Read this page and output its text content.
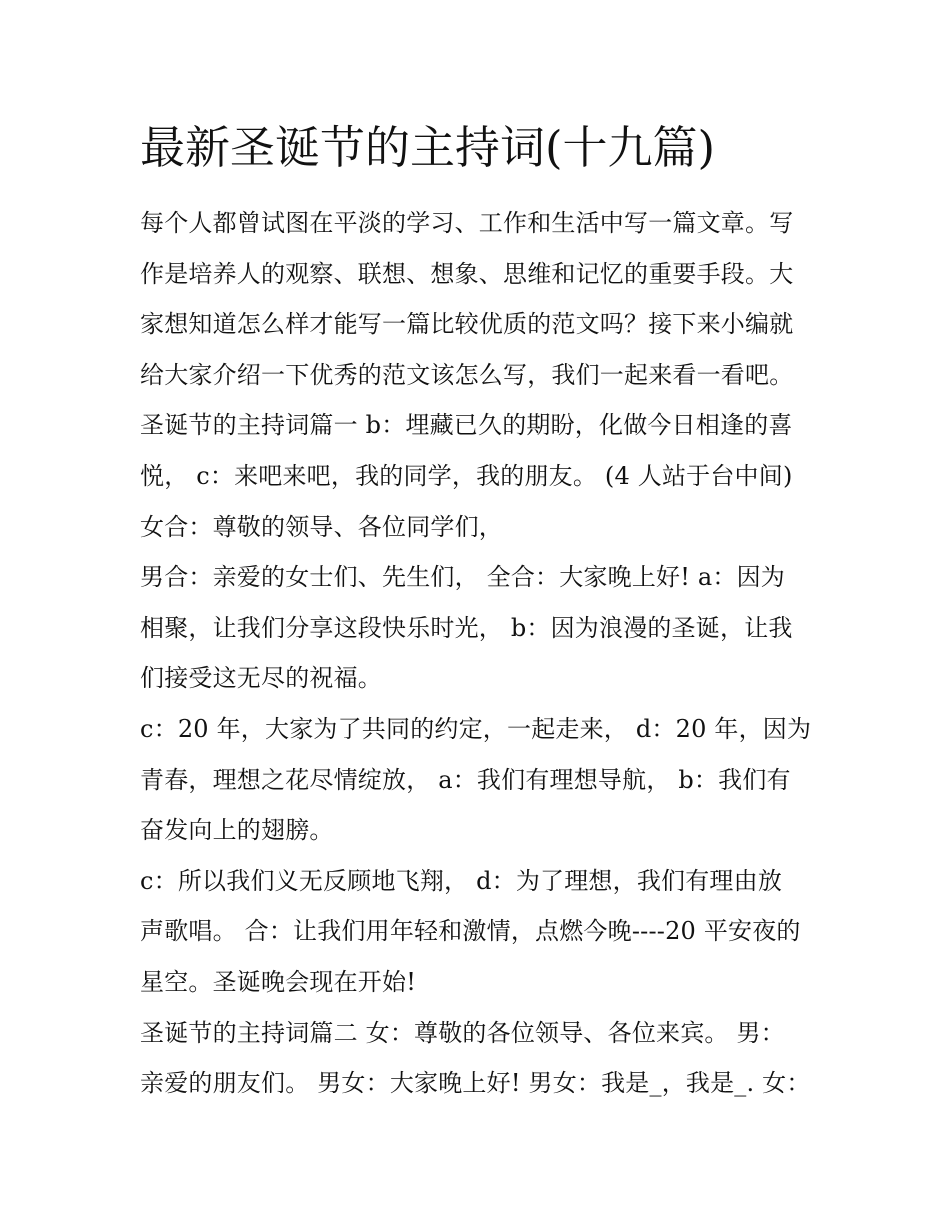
最新圣诞节的主持词(十九篇)
每个人都曾试图在平淡的学习、工作和生活中写一篇文章。写
作是培养人的观察、联想、想象、思维和记忆的重要手段。大
家想知道怎么样才能写一篇比较优质的范文吗？接下来小编就
给大家介绍一下优秀的范文该怎么写，我们一起来看一看吧。
圣诞节的主持词篇一 b：埋藏已久的期盼，化做今日相逢的喜
悦， c：来吧来吧，我的同学，我的朋友。 (4 人站于台中间)
女合：尊敬的领导、各位同学们，
男合：亲爱的女士们、先生们， 全合：大家晚上好! a：因为
相聚，让我们分享这段快乐时光， b：因为浪漫的圣诞，让我
们接受这无尽的祝福。
c：20 年，大家为了共同的约定，一起走来， d：20 年，因为
青春，理想之花尽情绽放， a：我们有理想导航， b：我们有
奋发向上的翅膀。
c：所以我们义无反顾地飞翔， d：为了理想，我们有理由放
声歌唱。 合：让我们用年轻和激情，点燃今晚----20 平安夜的
星空。圣诞晚会现在开始!
圣诞节的主持词篇二 女：尊敬的各位领导、各位来宾。 男：
亲爱的朋友们。 男女：大家晚上好! 男女：我是_，我是_. 女：
